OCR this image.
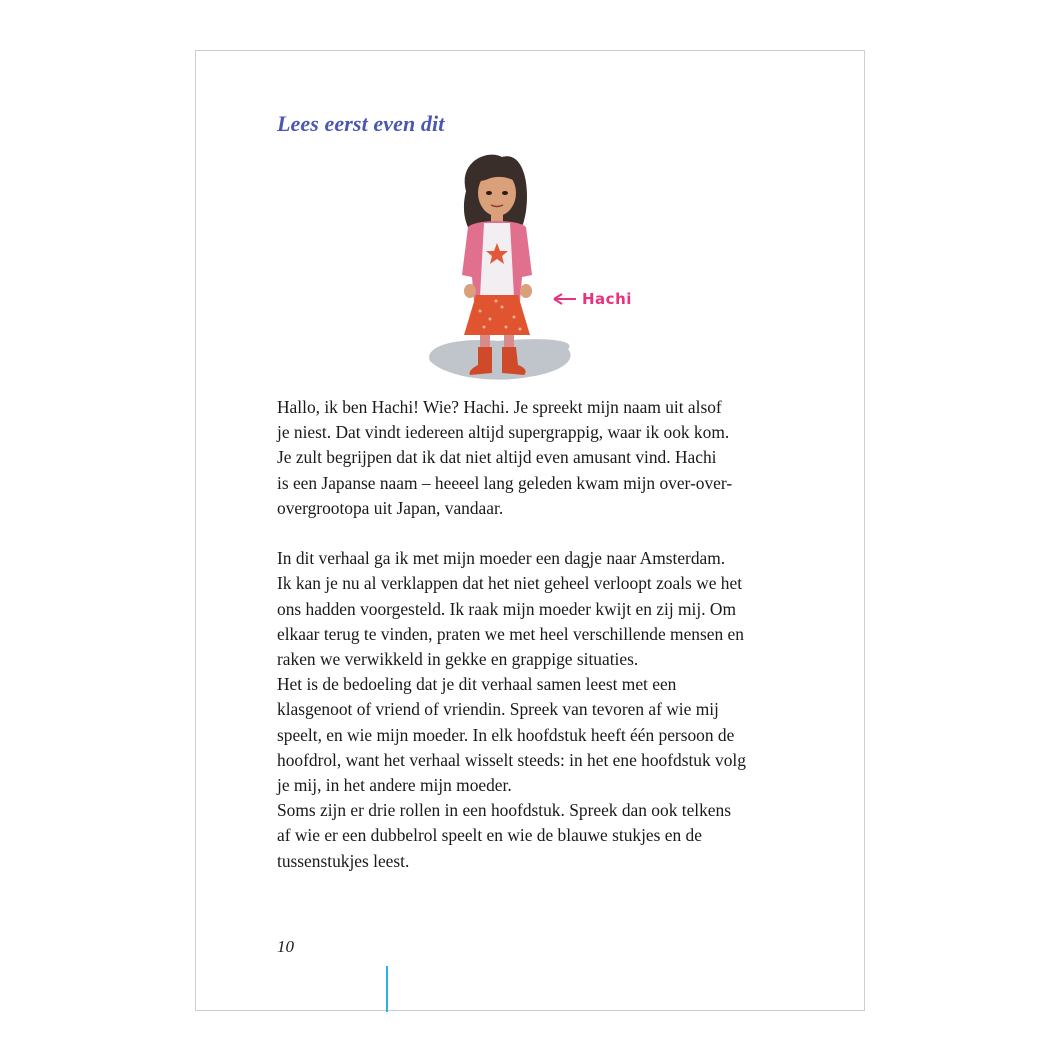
Lees eerst even dit
Hachi
Hallo, ik ben Hachi! Wie? Hachi. Je spreekt mijn naam uit alsof
je niest. Dat vindt iedereen altijd supergrappig, waar ik ook kom.
Je zult begrijpen dat ik dat niet altijd even amusant vind. Hachi
is een Japanse naam – heeeel lang geleden kwam mijn over-over-
overgrootopa uit Japan, vandaar.
In dit verhaal ga ik met mijn moeder een dagje naar Amsterdam.
Ik kan je nu al verklappen dat het niet geheel verloopt zoals we het
ons hadden voorgesteld. Ik raak mijn moeder kwijt en zij mij. Om
elkaar terug te vinden, praten we met heel verschillende mensen en
raken we verwikkeld in gekke en grappige situaties.
Het is de bedoeling dat je dit verhaal samen leest met een
klasgenoot of vriend of vriendin. Spreek van tevoren af wie mij
speelt, en wie mijn moeder. In elk hoofdstuk heeft één persoon de
hoofdrol, want het verhaal wisselt steeds: in het ene hoofdstuk volg
je mij, in het andere mijn moeder.
Soms zijn er drie rollen in een hoofdstuk. Spreek dan ook telkens
af wie er een dubbelrol speelt en wie de blauwe stukjes en de
tussenstukjes leest.
10
